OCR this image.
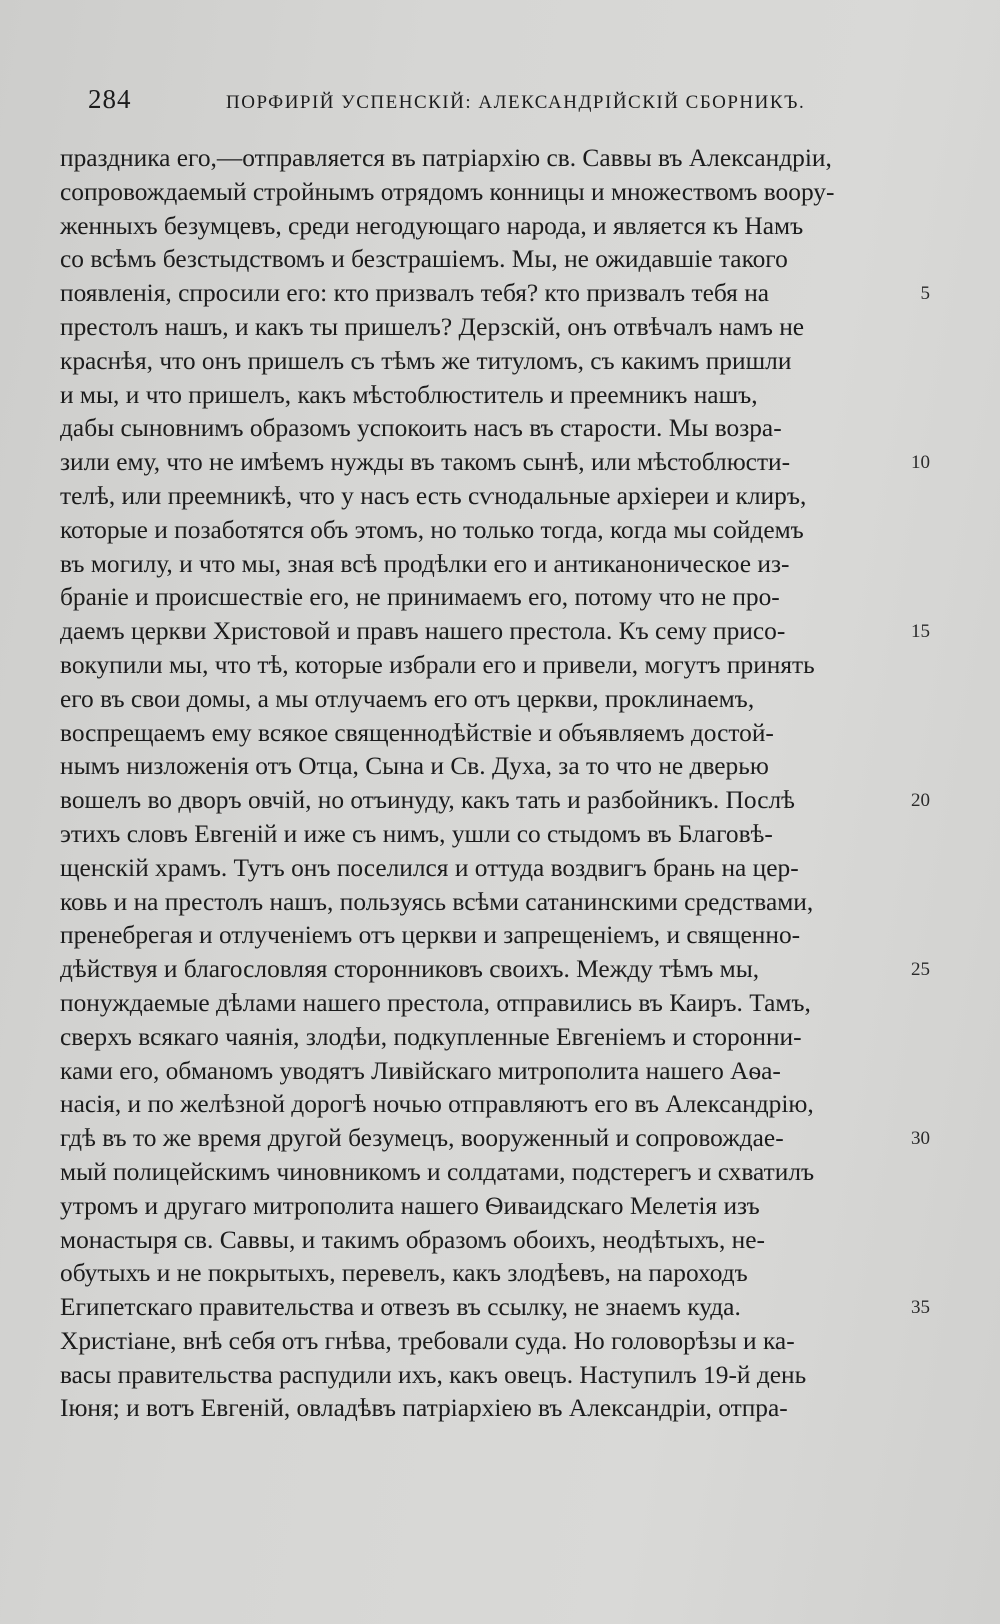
284	ПОРФИРІЙ УСПЕНСКІЙ: АЛЕКСАНДРІЙСКІЙ СБОРНИКЪ.
праздника его,—отправляется въ патріархію св. Саввы въ Александріи,
сопровождаемый стройнымъ отрядомъ конницы и множествомъ воору-
женныхъ безумцевъ, среди негодующаго народа, и является къ Намъ
со всѣмъ безстыдствомъ и безстрашіемъ. Мы, не ожидавшіе такого
появленія, спросили его: кто призвалъ тебя? кто призвалъ тебя на	5
престолъ нашъ, и какъ ты пришелъ? Дерзскій, онъ отвѣчалъ намъ не
краснѣя, что онъ пришелъ съ тѣмъ же титуломъ, съ какимъ пришли
и мы, и что пришелъ, какъ мѣстоблюститель и преемникъ нашъ,
дабы сыновнимъ образомъ успокоить насъ въ старости. Мы возра-
зили ему, что не имѣемъ нужды въ такомъ сынѣ, или мѣстоблюсти-	10
телѣ, или преемникѣ, что у насъ есть сѵнодальные архіереи и клиръ,
которые и позаботятся объ этомъ, но только тогда, когда мы сойдемъ
въ могилу, и что мы, зная всѣ продѣлки его и антиканоническое из-
браніе и происшествіе его, не принимаемъ его, потому что не про-
даемъ церкви Христовой и правъ нашего престола. Къ сему присо-	15
вокупили мы, что тѣ, которые избрали его и привели, могутъ принять
его въ свои домы, а мы отлучаемъ его отъ церкви, проклинаемъ,
воспрещаемъ ему всякое священнодѣйствіе и объявляемъ достой-
нымъ низложенія отъ Отца, Сына и Св. Духа, за то что не дверью
вошелъ во дворъ овчій, но отъинуду, какъ тать и разбойникъ. Послѣ	20
этихъ словъ Евгеній и иже съ нимъ, ушли со стыдомъ въ Благовѣ-
щенскій храмъ. Тутъ онъ поселился и оттуда воздвигъ брань на цер-
ковь и на престолъ нашъ, пользуясь всѣми сатанинскими средствами,
пренебрегая и отлученіемъ отъ церкви и запрещеніемъ, и священно-
дѣйствуя и благословляя сторонниковъ своихъ. Между тѣмъ мы,	25
понуждаемые дѣлами нашего престола, отправились въ Каиръ. Тамъ,
сверхъ всякаго чаянія, злодѣи, подкупленные Евгеніемъ и сторонни-
ками его, обманомъ уводятъ Ливійскаго митрополита нашего Аѳа-
насія, и по желѣзной дорогѣ ночью отправляютъ его въ Александрію,
гдѣ въ то же время другой безумецъ, вооруженный и сопровождае-	30
мый полицейскимъ чиновникомъ и солдатами, подстерегъ и схватилъ
утромъ и другаго митрополита нашего Ѳиваидскаго Мелетія изъ
монастыря св. Саввы, и такимъ образомъ обоихъ, неодѣтыхъ, не-
обутыхъ и не покрытыхъ, перевелъ, какъ злодѣевъ, на пароходъ
Египетскаго правительства и отвезъ въ ссылку, не знаемъ куда.	35
Христіане, внѣ себя отъ гнѣва, требовали суда. Но головорѣзы и ка-
васы правительства распудили ихъ, какъ овецъ. Наступилъ 19-й день
Іюня; и вотъ Евгеній, овладѣвъ патріархіею въ Александріи, отпра-
